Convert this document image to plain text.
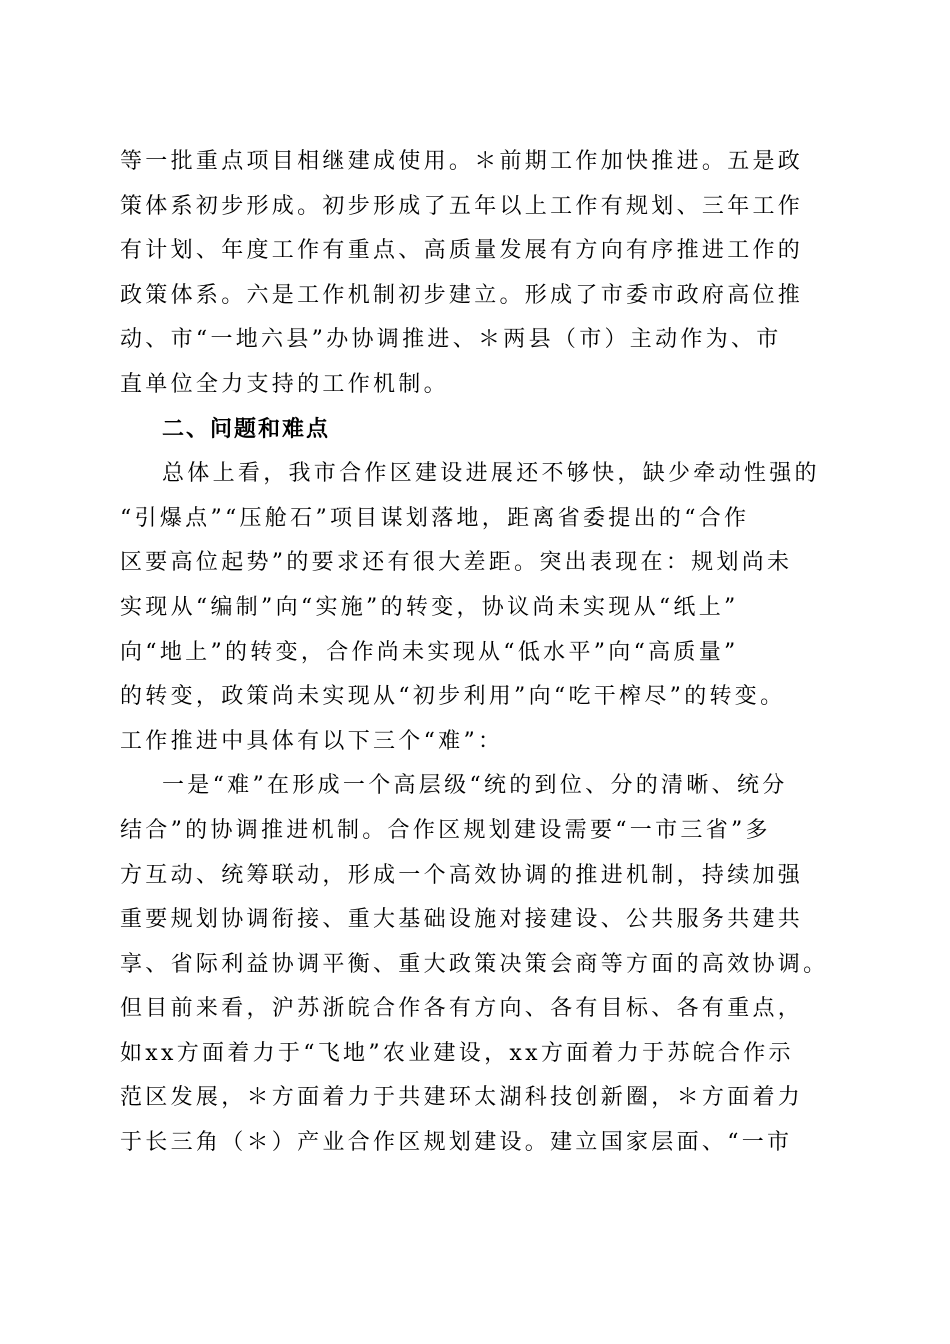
等一批重点项目相继建成使用。＊前期工作加快推进。五是政
策体系初步形成。初步形成了五年以上工作有规划、三年工作
有计划、年度工作有重点、高质量发展有方向有序推进工作的
政策体系。六是工作机制初步建立。形成了市委市政府高位推
动、市“一地六县”办协调推进、＊两县（市）主动作为、市
直单位全力支持的工作机制。
二、问题和难点
总体上看，我市合作区建设进展还不够快，缺少牵动性强的
“引爆点”“压舱石”项目谋划落地，距离省委提出的“合作
区要高位起势”的要求还有很大差距。突出表现在：规划尚未
实现从“编制”向“实施”的转变，协议尚未实现从“纸上”
向“地上”的转变，合作尚未实现从“低水平”向“高质量”
的转变，政策尚未实现从“初步利用”向“吃干榨尽”的转变。
工作推进中具体有以下三个“难”：
一是“难”在形成一个高层级“统的到位、分的清晰、统分
结合”的协调推进机制。合作区规划建设需要“一市三省”多
方互动、统筹联动，形成一个高效协调的推进机制，持续加强
重要规划协调衔接、重大基础设施对接建设、公共服务共建共
享、省际利益协调平衡、重大政策决策会商等方面的高效协调。
但目前来看，沪苏浙皖合作各有方向、各有目标、各有重点，
如xx方面着力于“飞地”农业建设，xx方面着力于苏皖合作示
范区发展，＊方面着力于共建环太湖科技创新圈，＊方面着力
于长三角（＊）产业合作区规划建设。建立国家层面、“一市
